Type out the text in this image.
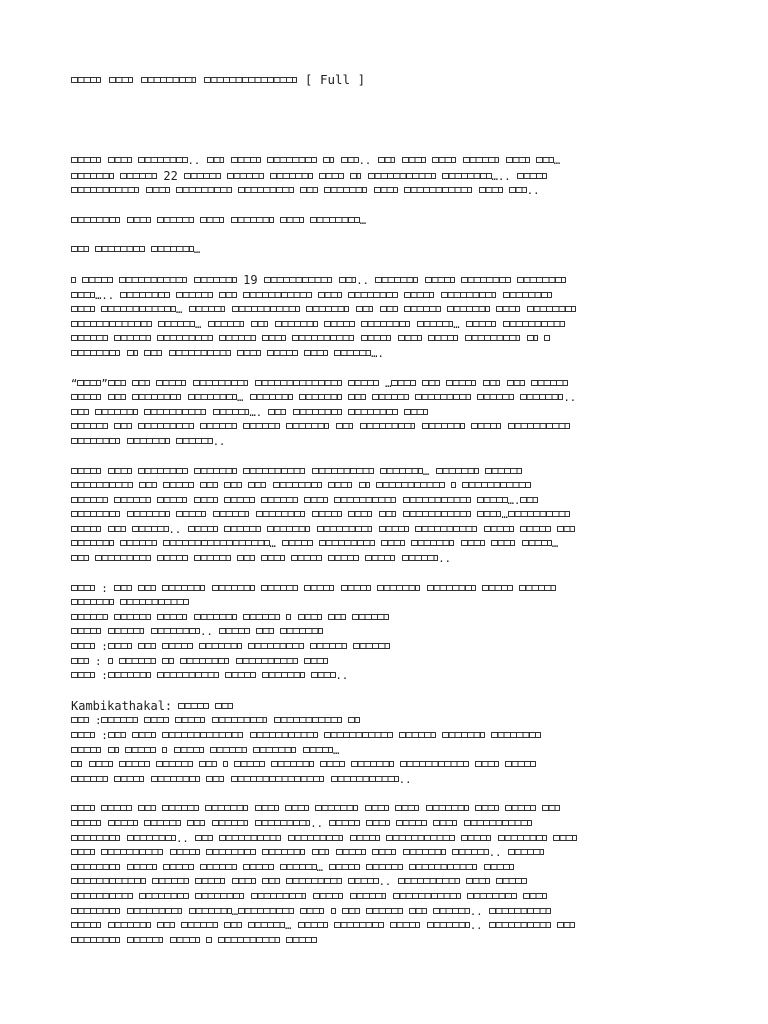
[ Full ]
..	..	…
22	…..
..
…
…
19	..
…..
…
…	…

….
“ ”	…
…	..
….

..
…

….
…
..
…	…
..
:

..
:
:
:	..
Kambikathakal:
:
:
…

..

..
..
..
…
..

…	..
…	..
